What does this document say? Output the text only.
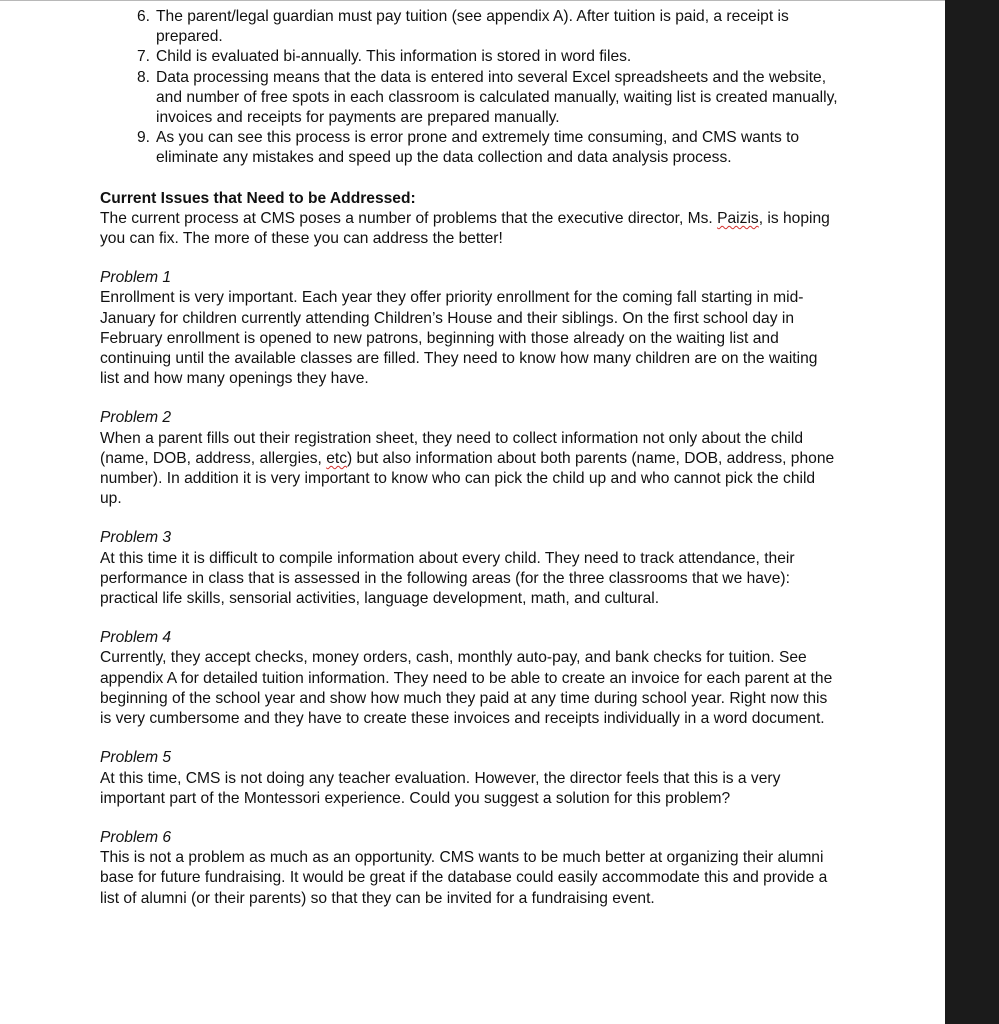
6. The parent/legal guardian must pay tuition (see appendix A). After tuition is paid, a receipt is prepared.
7. Child is evaluated bi-annually. This information is stored in word files.
8. Data processing means that the data is entered into several Excel spreadsheets and the website, and number of free spots in each classroom is calculated manually, waiting list is created manually, invoices and receipts for payments are prepared manually.
9. As you can see this process is error prone and extremely time consuming, and CMS wants to eliminate any mistakes and speed up the data collection and data analysis process.

Current Issues that Need to be Addressed:

The current process at CMS poses a number of problems that the executive director, Ms. Paizis, is hoping you can fix. The more of these you can address the better!

Problem 1

Enrollment is very important. Each year they offer priority enrollment for the coming fall starting in mid-January for children currently attending Children’s House and their siblings. On the first school day in February enrollment is opened to new patrons, beginning with those already on the waiting list and continuing until the available classes are filled. They need to know how many children are on the waiting list and how many openings they have.

Problem 2

When a parent fills out their registration sheet, they need to collect information not only about the child (name, DOB, address, allergies, etc) but also information about both parents (name, DOB, address, phone number). In addition it is very important to know who can pick the child up and who cannot pick the child up.

Problem 3

At this time it is difficult to compile information about every child. They need to track attendance, their performance in class that is assessed in the following areas (for the three classrooms that we have): practical life skills, sensorial activities, language development, math, and cultural.

Problem 4

Currently, they accept checks, money orders, cash, monthly auto-pay, and bank checks for tuition. See appendix A for detailed tuition information. They need to be able to create an invoice for each parent at the beginning of the school year and show how much they paid at any time during school year. Right now this is very cumbersome and they have to create these invoices and receipts individually in a word document.

Problem 5

At this time, CMS is not doing any teacher evaluation. However, the director feels that this is a very important part of the Montessori experience. Could you suggest a solution for this problem?

Problem 6

This is not a problem as much as an opportunity. CMS wants to be much better at organizing their alumni base for future fundraising. It would be great if the database could easily accommodate this and provide a list of alumni (or their parents) so that they can be invited for a fundraising event.
